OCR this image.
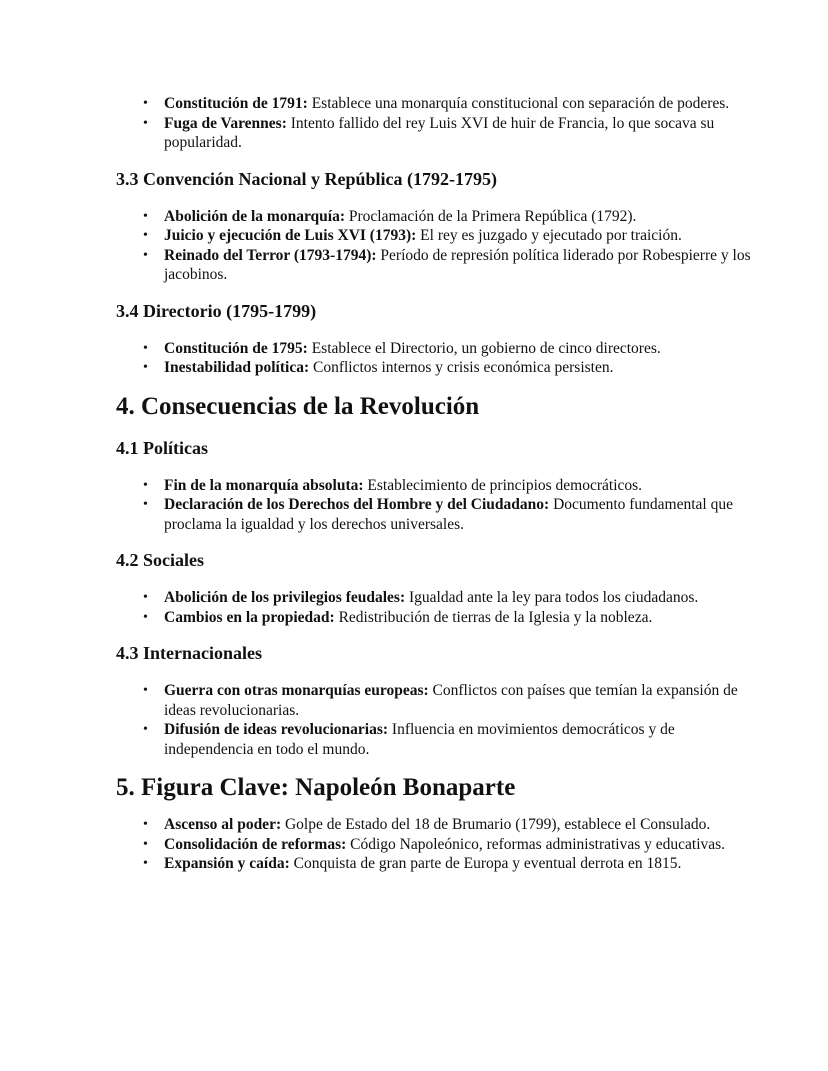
• Constitución de 1791: Establece una monarquía constitucional con separación de poderes.
• Fuga de Varennes: Intento fallido del rey Luis XVI de huir de Francia, lo que socava su popularidad.
3.3 Convención Nacional y República (1792-1795)
• Abolición de la monarquía: Proclamación de la Primera República (1792).
• Juicio y ejecución de Luis XVI (1793): El rey es juzgado y ejecutado por traición.
• Reinado del Terror (1793-1794): Período de represión política liderado por Robespierre y los jacobinos.
3.4 Directorio (1795-1799)
• Constitución de 1795: Establece el Directorio, un gobierno de cinco directores.
• Inestabilidad política: Conflictos internos y crisis económica persisten.
4. Consecuencias de la Revolución
4.1 Políticas
• Fin de la monarquía absoluta: Establecimiento de principios democráticos.
• Declaración de los Derechos del Hombre y del Ciudadano: Documento fundamental que proclama la igualdad y los derechos universales.
4.2 Sociales
• Abolición de los privilegios feudales: Igualdad ante la ley para todos los ciudadanos.
• Cambios en la propiedad: Redistribución de tierras de la Iglesia y la nobleza.
4.3 Internacionales
• Guerra con otras monarquías europeas: Conflictos con países que temían la expansión de ideas revolucionarias.
• Difusión de ideas revolucionarias: Influencia en movimientos democráticos y de independencia en todo el mundo.
5. Figura Clave: Napoleón Bonaparte
• Ascenso al poder: Golpe de Estado del 18 de Brumario (1799), establece el Consulado.
• Consolidación de reformas: Código Napoleónico, reformas administrativas y educativas.
• Expansión y caída: Conquista de gran parte de Europa y eventual derrota en 1815.
